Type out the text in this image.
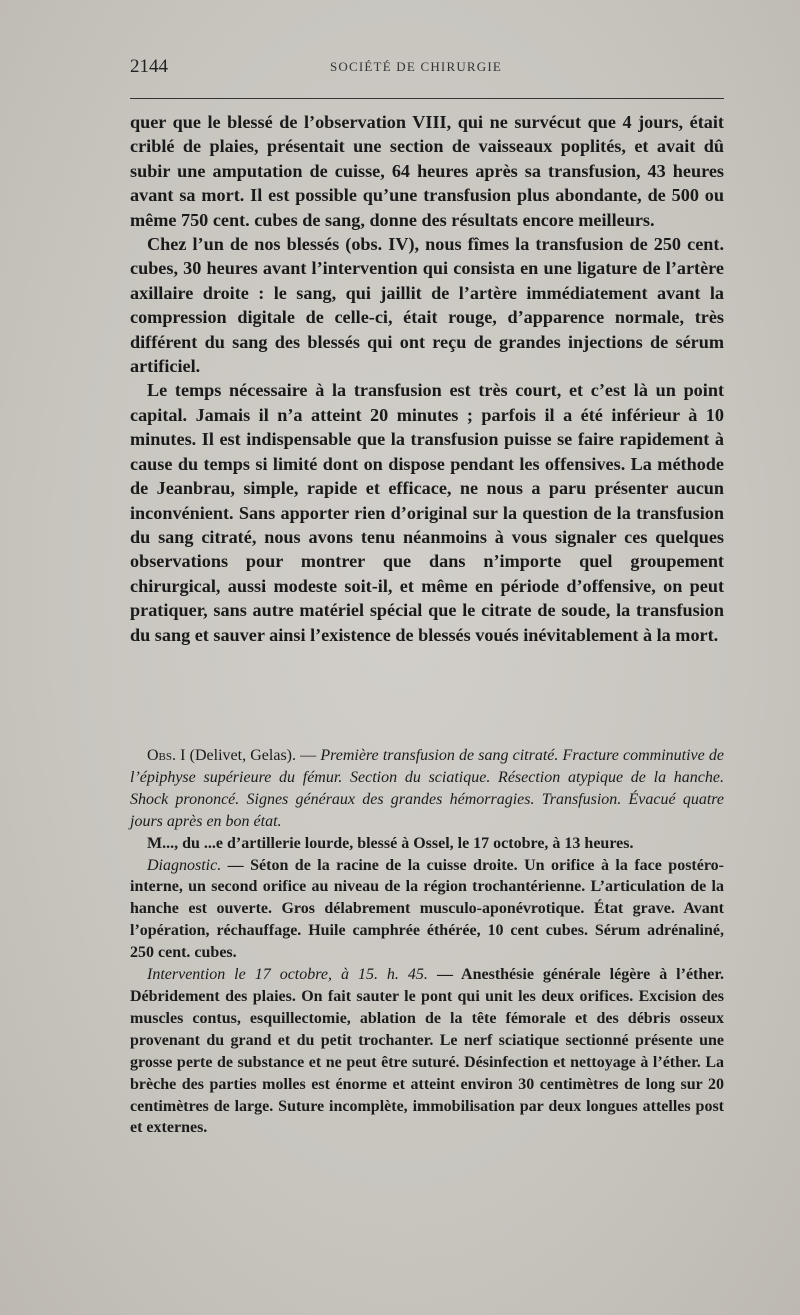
2144	SOCIÉTÉ DE CHIRURGIE

quer que le blessé de l’observation VIII, qui ne survécut que 4 jours, était criblé de plaies, présentait une section de vaisseaux poplités, et avait dû subir une amputation de cuisse, 64 heures après sa transfusion, 43 heures avant sa mort. Il est possible qu’une transfusion plus abondante, de 500 ou même 750 cent. cubes de sang, donne des résultats encore meilleurs.

Chez l’un de nos blessés (obs. IV), nous fîmes la transfusion de 250 cent. cubes, 30 heures avant l’intervention qui consista en une ligature de l’artère axillaire droite : le sang, qui jaillit de l’artère immédiatement avant la compression digitale de celle-ci, était rouge, d’apparence normale, très différent du sang des blessés qui ont reçu de grandes injections de sérum artificiel.

Le temps nécessaire à la transfusion est très court, et c’est là un point capital. Jamais il n’a atteint 20 minutes ; parfois il a été inférieur à 10 minutes. Il est indispensable que la transfusion puisse se faire rapidement à cause du temps si limité dont on dispose pendant les offensives. La méthode de Jeanbrau, simple, rapide et efficace, ne nous a paru présenter aucun inconvénient. Sans apporter rien d’original sur la question de la transfusion du sang citraté, nous avons tenu néanmoins à vous signaler ces quelques observations pour montrer que dans n’importe quel groupement chirurgical, aussi modeste soit-il, et même en période d’offensive, on peut pratiquer, sans autre matériel spécial que le citrate de soude, la transfusion du sang et sauver ainsi l’existence de blessés voués inévitablement à la mort.

Obs. I (Delivet, Gelas). — Première transfusion de sang citraté. Fracture comminutive de l’épiphyse supérieure du fémur. Section du sciatique. Résection atypique de la hanche. Shock prononcé. Signes généraux des grandes hémorragies. Transfusion. Évacué quatre jours après en bon état.

M..., du ...e d’artillerie lourde, blessé à Ossel, le 17 octobre, à 13 heures.

Diagnostic. — Séton de la racine de la cuisse droite. Un orifice à la face postéro-interne, un second orifice au niveau de la région trochantérienne. L’articulation de la hanche est ouverte. Gros délabrement musculo-aponévrotique. État grave. Avant l’opération, réchauffage. Huile camphrée éthérée, 10 cent cubes. Sérum adrénaliné, 250 cent. cubes.

Intervention le 17 octobre, à 15. h. 45. — Anesthésie générale légère à l’éther. Débridement des plaies. On fait sauter le pont qui unit les deux orifices. Excision des muscles contus, esquillectomie, ablation de la tête fémorale et des débris osseux provenant du grand et du petit trochanter. Le nerf sciatique sectionné présente une grosse perte de substance et ne peut être suturé. Désinfection et nettoyage à l’éther. La brèche des parties molles est énorme et atteint environ 30 centimètres de long sur 20 centimètres de large. Suture incomplète, immobilisation par deux longues attelles post et externes.
